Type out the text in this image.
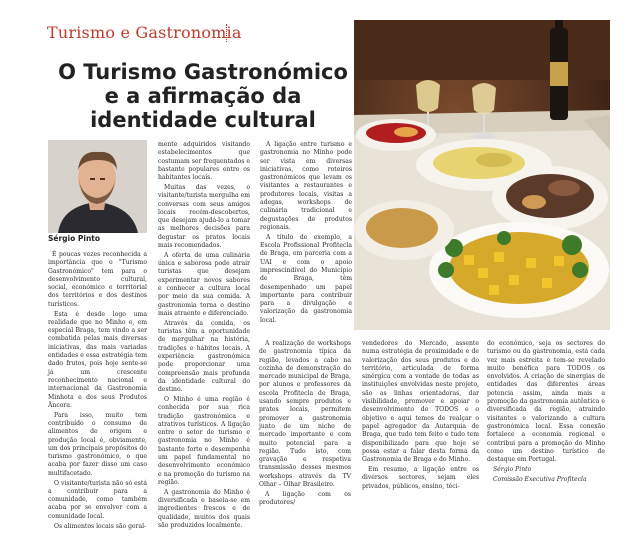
Turismo e Gastronomia
O Turismo Gastronómico
e a afirmação da
identidade cultural
Sérgio Pinto

É poucas vezes reconhecida a importância que o "Turismo Gastronómico" tem para o desenvolvimento cultural, social, económico e territorial dos territórios e dos destinos turísticos.

Esta é desde logo uma realidade que no Minho e, em especial Braga, tem vindo a ser combatida pelas mais diversas iniciativas, das mais variadas entidades e essa estratégia tem dado frutos, pois hoje sente-se já um crescente reconhecimento nacional e internacional da Gastronomia Minhota e dos seus Produtos Âncora.

Para isso, muito tem contribuído o consumo de alimentos de origem e produção local é, obviamente, um dos principais propósitos do turismo gastronómico, o que acaba por fazer disso um caso multifacetado.

O visitante/turista não só está a contribuir para a comunidade, como também acaba por se envolver com a comunidade local.

Os alimentos locais são geral-

mente adquiridos visitando estabelecimentos que costumam ser frequentados e bastante populares entre os habitantes locais.

Muitas das vezes, o visitante/turista mergulha em conversas com seus amigos locais recém-descobertos, que desejam ajudá-lo a tomar as melhores decisões para degustar os pratos locais mais recomendados.

A oferta de uma culinária única e saborosa pode atrair turistas que desejam experimentar novos sabores e conhecer a cultura local por meio da sua comida. A gastronomia torna o destino mais atraente e diferenciado.

Através da comida, os turistas têm a oportunidade de mergulhar na história, tradições e hábitos locais. A experiência gastronómica pode proporcionar uma compreensão mais profunda da identidade cultural do destino.

O Minho é uma região é conhecida por sua rica tradição gastronómica e atrativos turísticos. A ligação entre o setor de turismo e gastronomia no Minho é bastante forte e desempenha um papel fundamental no desenvolvimento económico e na promoção do turismo na região.

A gastronomia do Minho é diversificada e baseia-se em ingredientes frescos e de qualidade, muitos dos quais são produzidos localmente.

A ligação entre turismo e gastronomia no Minho pode ser vista em diversas iniciativas, como roteiros gastronómicos que levam os visitantes a restaurantes e produtores locais, visitas a adegas, workshops de culinária tradicional e degustações de produtos regionais.

A título de exemplo, a Escola Profissional Profitecla de Braga, em parceria com a UAI e com o apoio imprescindível do Município de Braga, têm desempenhado um papel importante para contribuir para a divulgação e valorização da gastronomia local.

A realização de workshops de gastronomia típica da região, levados a cabo na cozinha de demonstração do mercado municipal de Braga, por alunos e professores da escola Profitecla de Braga, usando sempre produtos e pratos locais, permitem promover a gastronomia junto de um nicho de mercado importante e com muito potencial para a região. Tudo isto, com gravação e respetiva transmissão desses mesmos workshops através da TV Olhar – Olhar Brasileiro.

A ligação com os produtores/

vendedores do Mercado, assente numa estratégia de proximidade e de valorização dos seus produtos e do território, articulada de forma sinérgica com a vontade de todas as instituições envolvidas neste projeto, são as linhas orientadoras, dar visibilidade, promover e apoiar o desenvolvimento de TODOS e o objetivo e aqui temos de realçar o papel agregador da Autarquia de Braga, que tudo tem feito e tudo tem disponibilizado para que hoje se possa estar a falar desta forma da Gastronomia de Braga e do Minho.

Em resumo, a ligação entre os diversos sectores, sejam eles privados, públicos, ensino, téci-

do económico, seja os sectores do turismo ou da gastronomia, está cada vez mais estreita e tem-se revelado muito benéfica para TODOS os envolvidos. A criação de sinergias de entidades das diferentes áreas potencia assim, ainda mais a promoção da gastronomia autêntica e diversificada da região, atraindo visitantes e valorizando a cultura gastronómica local. Essa conexão fortalece a economia regional e contribui para a promoção do Minho como um destino turístico de destaque em Portugal.

Sérgio Pinto

Comissão Executiva Profitecla
